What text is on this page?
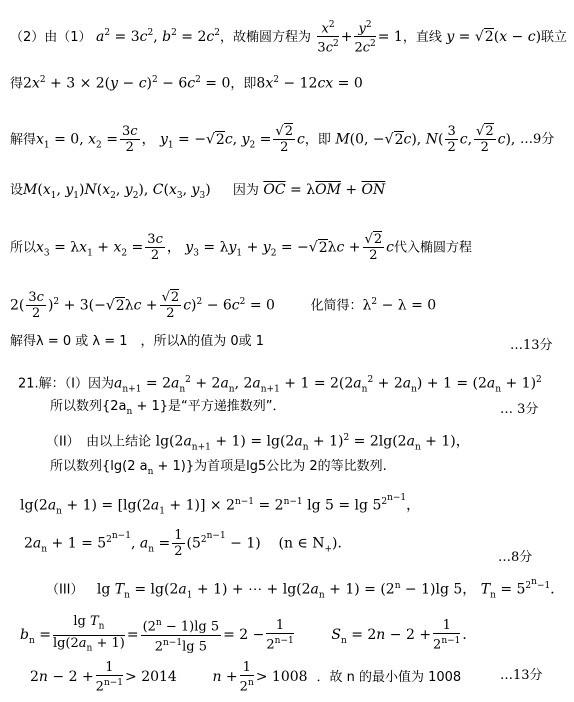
（2）由（1） $a^2 = 3c^2$, $b^2 = 2c^2$，故椭圆方程为 $\frac{x^2}{3c^2} + \frac{y^2}{2c^2} = 1$，直线 y = √2(x − c)联立
得$2x^2 + 3 \times 2(y - c)^2 - 6c^2 = 0$，即$8x^2 - 12cx = 0$
解得$x_1 = 0$, $x_2 = \frac{3c}{2}$ ， $y_1 = -√2c$, $y_2 = \frac{√2}{2}$ c，即 M(0, −√2c), $N( \frac{3}{2} c$, $\frac{√2}{2} c$), …9分
设$M(x_1$, $y_1)N(x_2$, $y_2$), $C(x_3$, $y_3$)     因为 $\overline{OC} = \lambda\overline{OM} + \overline{ON}$
所以$x_3 = \lambda x_1 + x_2 = \frac{3c}{2}$ ， $y_3 = \lambda y_1 + y_2 = -√2\lambda c + \frac{√2}{2}$ c代入椭圆方程
$2( \frac{3c}{2} )^2 + 3(-√2\lambda c + \frac{√2}{2} c)^2 - 6c^2 = 0$        化简得：$\lambda^2 - \lambda = 0$
解得λ = 0 或 λ = 1　，所以λ的值为 0或 1	…13分
21.解：（I）因为$a_{n+1} = 2a_n^2 + 2a_n$, $2a_{n+1} + 1 = 2(2a_n^2 + 2a_n) + 1 = (2a_n + 1)^2$
所以数列$\{2a_n + 1\}$是“平方递推数列”．	… 3分
（II）　由以上结论 $\lg(2a_{n+1} + 1) = \lg(2a_n + 1)^2 = 2\lg(2a_n + 1)$，
所以数列{lg(2 $a_n + 1$)}为首项是lg5公比为 2的等比数列.
$\lg(2a_n + 1) = [\lg(2a_1 + 1)] \times 2^{n-1} = 2^{n-1}$ $\lg 5 = \lg 5^{2^{n-1}}$，
$2a_n + 1 = 5^{2^{n-1}}$, $a_n = \frac{1}{2} (5^{2^{n-1}} - 1)$    (n ∈ $N_+$)．
…8分
（III）   $\lg T_n = \lg(2a_1 + 1)$ + ⋯ + $\lg(2a_n + 1) = (2^n - 1)\lg$ 5， $T_n = 5^{2^n-1}$．
$b_n = \frac{\lg T_n}{\lg(2a_n + 1)} = \frac{(2^n - 1)\lg 5}{2^{n-1}\lg 5} = 2 - \frac{1}{2^{n-1}}$	$S_n = 2n - 2 + \frac{1}{2^{n-1}}$ ．
$2n - 2 + \frac{1}{2^{n-1}} > 2014$        $n + \frac{1}{2^n} > 1008$  ．故 n 的最小值为 1008	…13分
